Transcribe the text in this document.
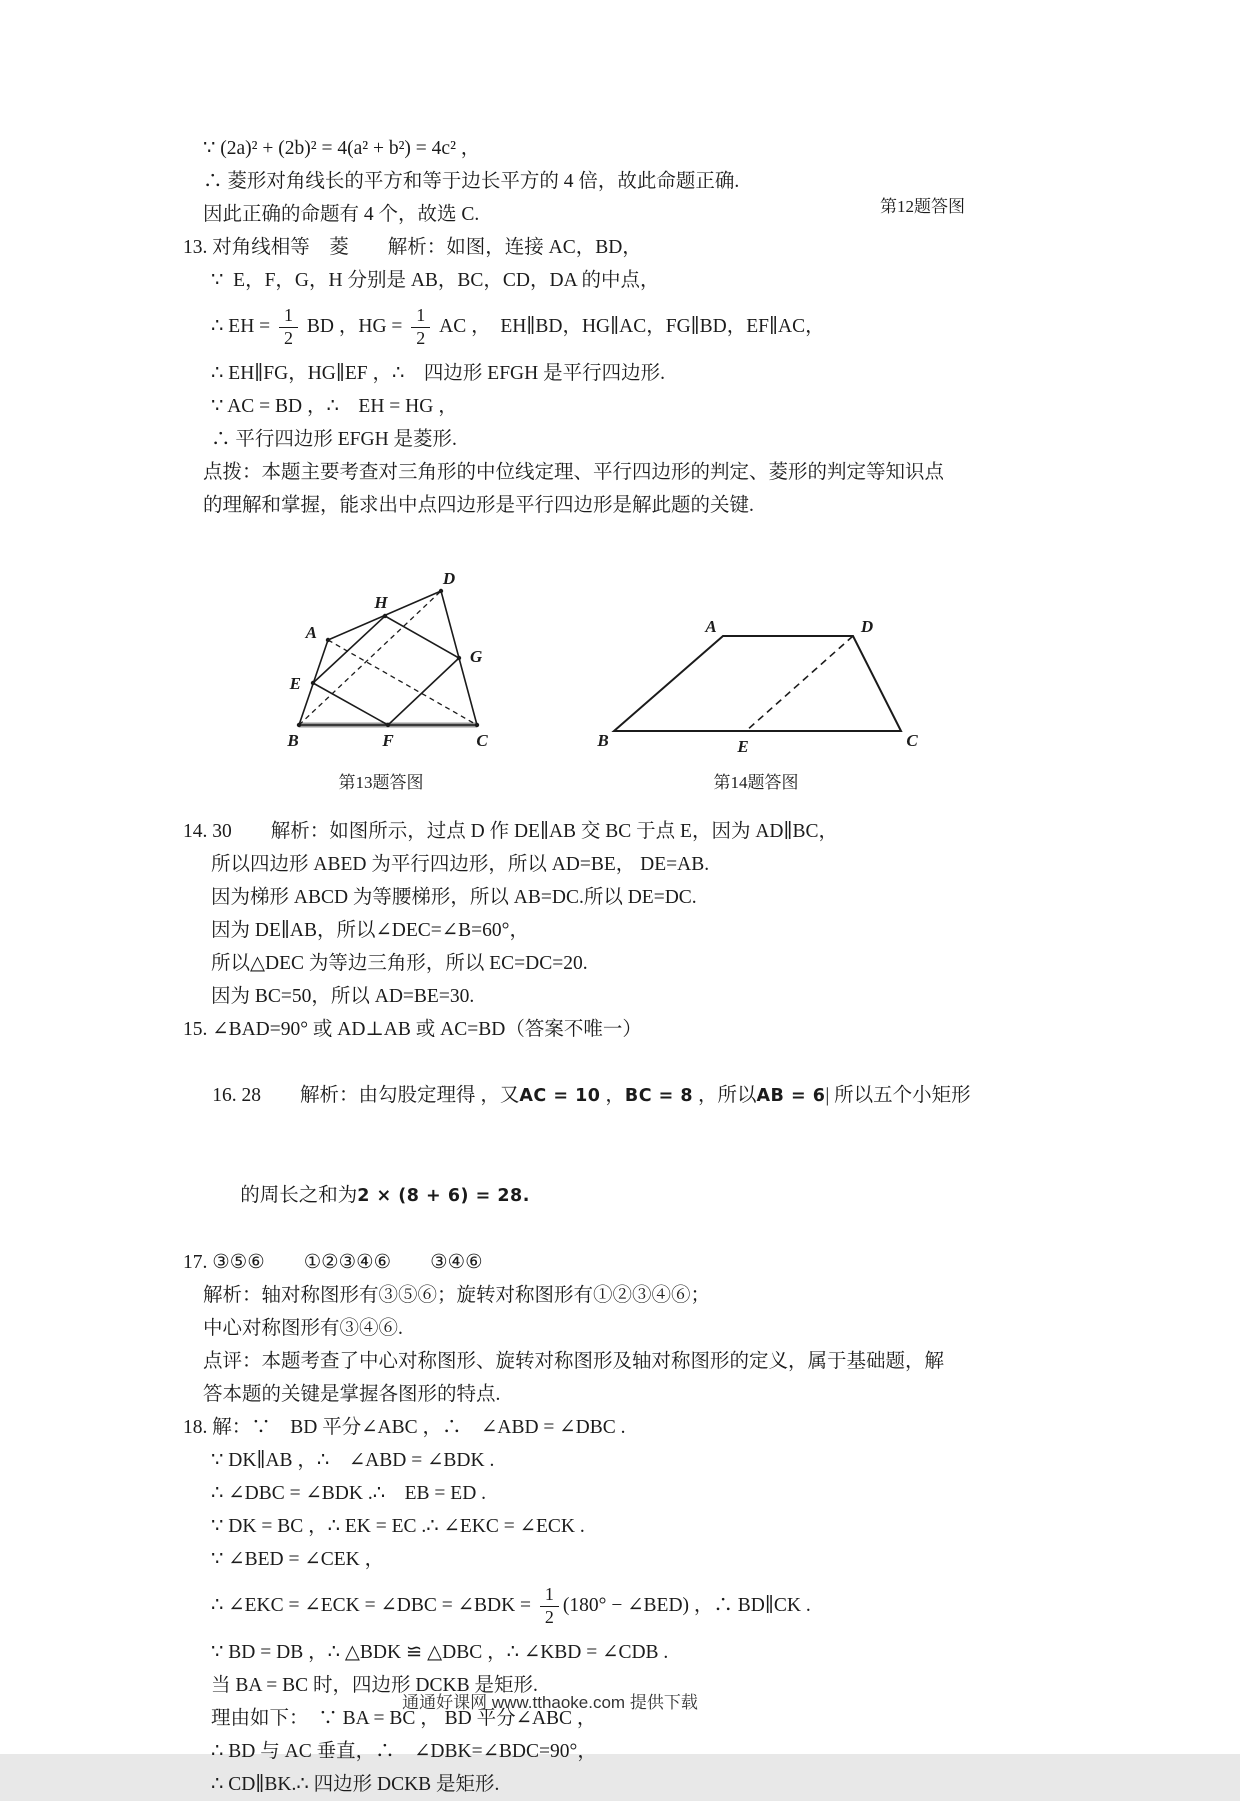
第12题答图
∵ (2a)² + (2b)² = 4(a² + b²) = 4c² ，
∴ 菱形对角线长的平方和等于边长平方的 4 倍，故此命题正确.
因此正确的命题有 4 个，故选 C.
13. 对角线相等　菱　　解析：如图，连接 AC，BD，
∵  E，F，G，H 分别是 AB，BC，CD，DA 的中点，
∴ EH = $\frac{1}{2}$ BD ，HG = $\frac{1}{2}$ AC ，  EH∥BD，HG∥AC，FG∥BD，EF∥AC，
∴ EH∥FG，HG∥EF ，∴　四边形 EFGH 是平行四边形.
∵ AC = BD ，∴　EH = HG ，
∴ 平行四边形 EFGH 是菱形.
点拨：本题主要考查对三角形的中位线定理、平行四边形的判定、菱形的判定等知识点
的理解和掌握，能求出中点四边形是平行四边形是解此题的关键.
A
B	C
D
E
F
G
H
第13题答图
A	D
B	C
E
第14题答图
14. 30　　解析：如图所示，过点 D 作 DE∥AB 交 BC 于点 E，因为 AD∥BC，
所以四边形 ABED 为平行四边形，所以 AD=BE， DE=AB.
因为梯形 ABCD 为等腰梯形，所以 AB=DC.所以 DE=DC.
因为 DE∥AB，所以∠DEC=∠B=60°，
所以△DEC 为等边三角形，所以 EC=DC=20.
因为 BC=50，所以 AD=BE=30.
15. ∠BAD=90° 或 AD⊥AB 或 AC=BD（答案不唯一）

16. 28　　解析：由勾股定理得 ，又AC = 10 ，BC = 8 ，所以AB = 6| 所以五个小矩形

的周长之和为2 × (8 + 6) = 28.

17. ③⑤⑥　　①②③④⑥　　③④⑥
解析：轴对称图形有③⑤⑥；旋转对称图形有①②③④⑥；
中心对称图形有③④⑥.
点评：本题考查了中心对称图形、旋转对称图形及轴对称图形的定义，属于基础题，解
答本题的关键是掌握各图形的特点.
18. 解：∵　BD 平分∠ABC ，∴　∠ABD = ∠DBC .
∵ DK∥AB ，∴　∠ABD = ∠BDK .
∴ ∠DBC = ∠BDK .∴　EB = ED .
∵ DK = BC ，∴ EK = EC .∴ ∠EKC = ∠ECK .
∵ ∠BED = ∠CEK ，
∴ ∠EKC = ∠ECK = ∠DBC = ∠BDK = $\frac{1}{2} (180^\circ$ − ∠BED) ，∴ BD∥CK .
∵ BD = DB ，∴ △BDK ≌ △DBC ，∴ ∠KBD = ∠CDB .
当 BA = BC 时，四边形 DCKB 是矩形.
理由如下：　∵ BA = BC ， BD 平分∠ABC ，
∴ BD 与 AC 垂直，∴　∠DBK=∠BDC=90°，
∴ CD∥BK.∴ 四边形 DCKB 是矩形.
通通好课网 www.tthaoke.com 提供下载
